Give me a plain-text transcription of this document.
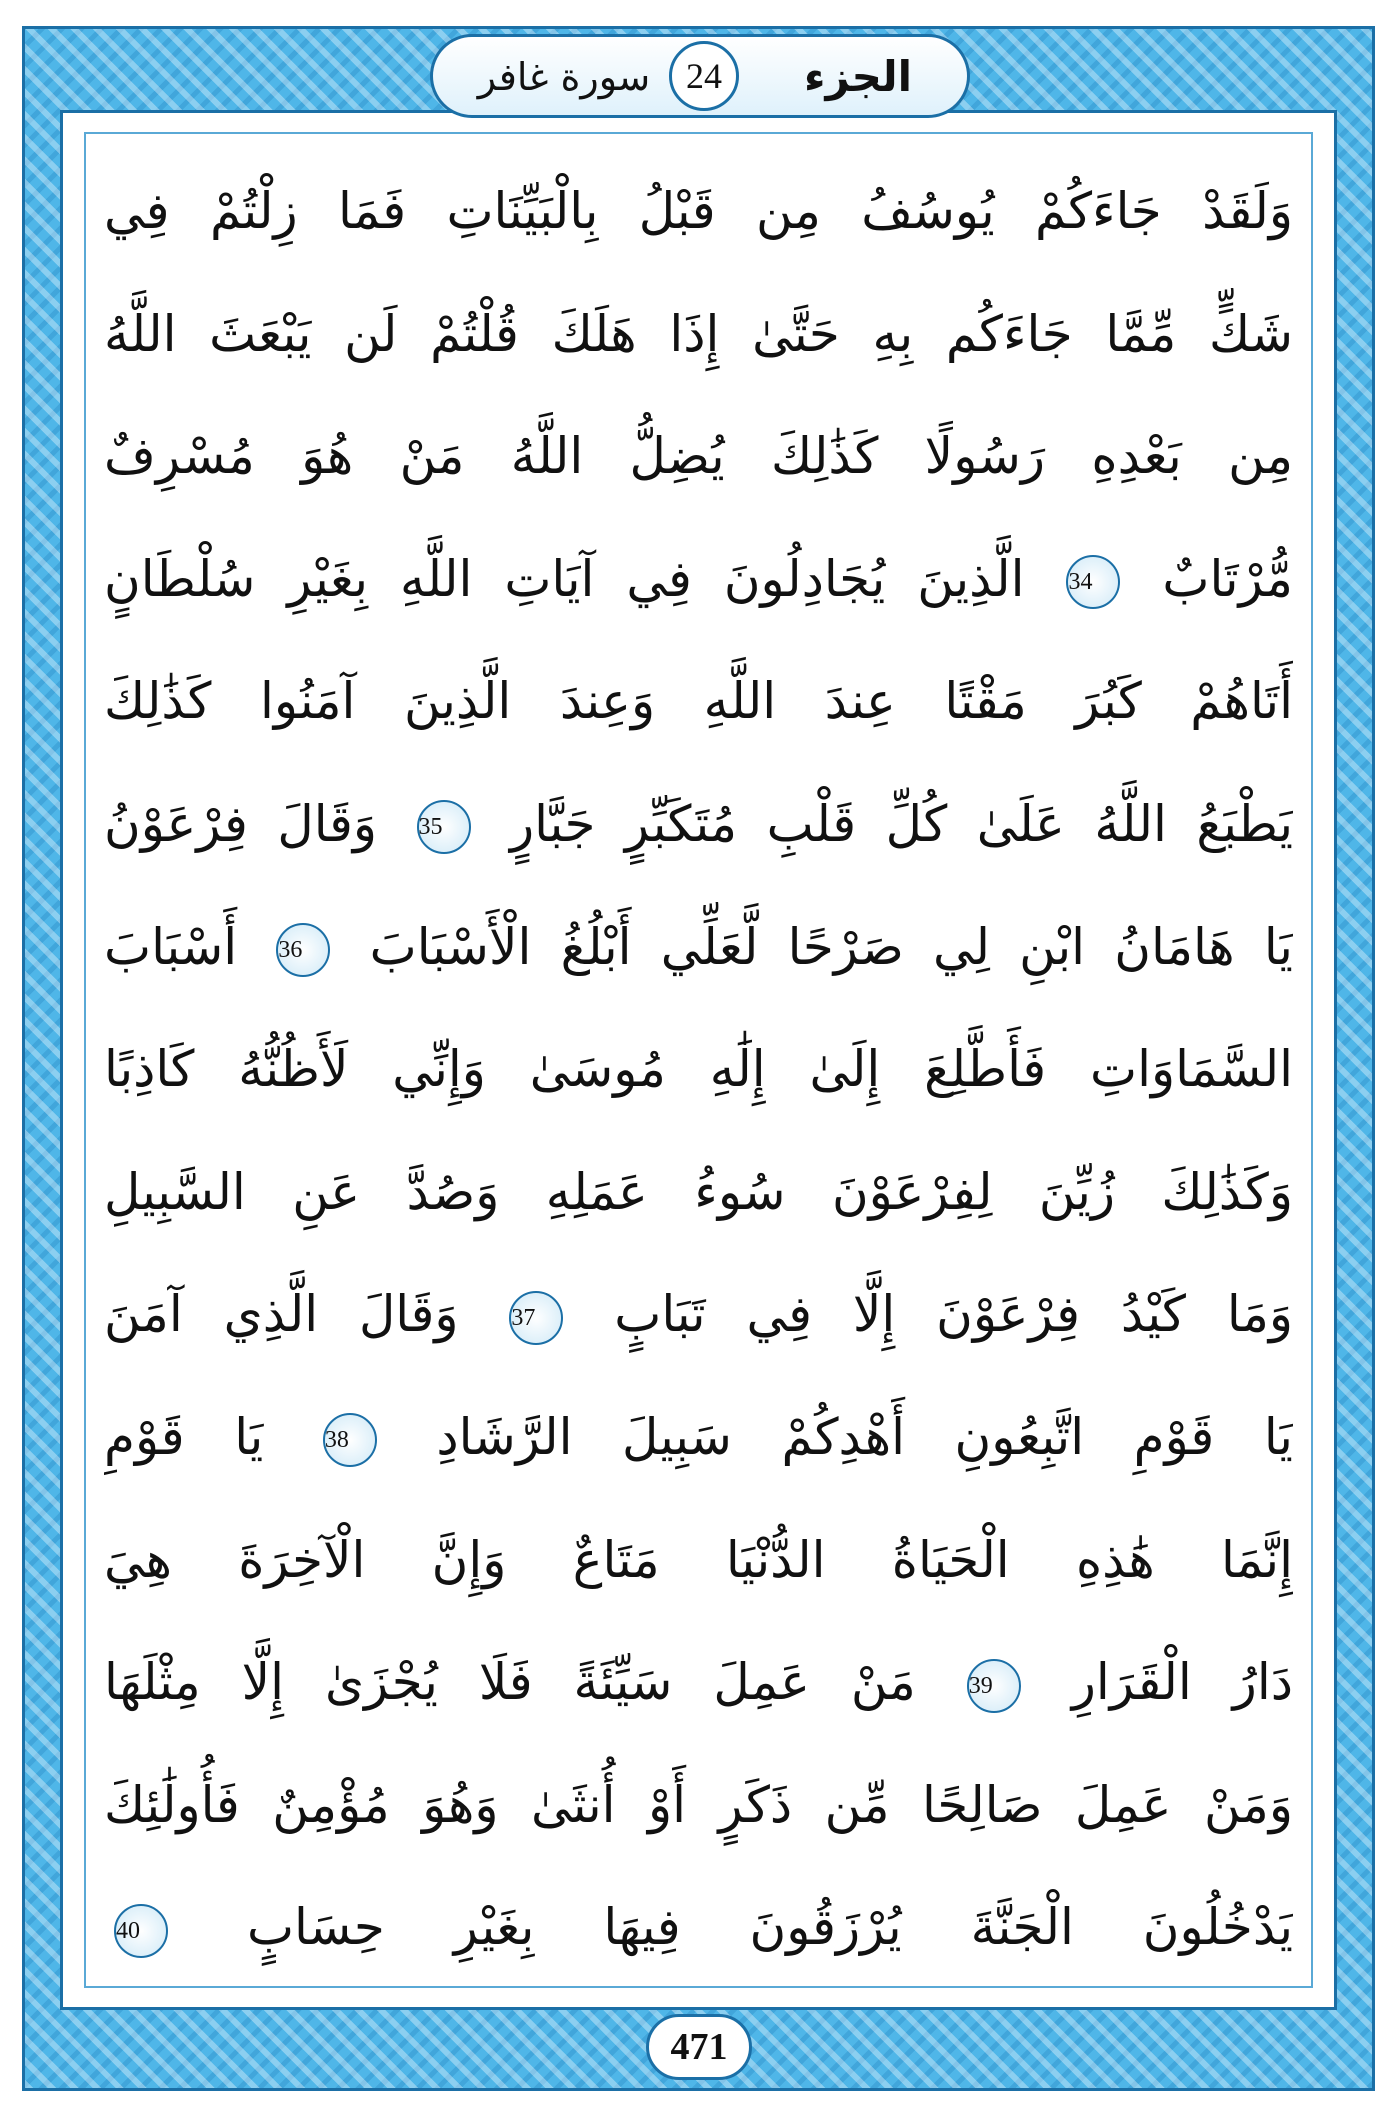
سورة غافر 24	الجزء
وَلَقَدْ جَاءَكُمْ يُوسُفُ مِن قَبْلُ بِالْبَيِّنَاتِ فَمَا زِلْتُمْ فِي
شَكٍّ مِّمَّا جَاءَكُم بِهِ حَتَّىٰ إِذَا هَلَكَ قُلْتُمْ لَن يَبْعَثَ اللَّهُ
مِن بَعْدِهِ رَسُولًا كَذَٰلِكَ يُضِلُّ اللَّهُ مَنْ هُوَ مُسْرِفٌ
مُّرْتَابٌ 34 الَّذِينَ يُجَادِلُونَ فِي آيَاتِ اللَّهِ بِغَيْرِ سُلْطَانٍ
أَتَاهُمْ كَبُرَ مَقْتًا عِندَ اللَّهِ وَعِندَ الَّذِينَ آمَنُوا كَذَٰلِكَ
يَطْبَعُ اللَّهُ عَلَىٰ كُلِّ قَلْبِ مُتَكَبِّرٍ جَبَّارٍ 35 وَقَالَ فِرْعَوْنُ
يَا هَامَانُ ابْنِ لِي صَرْحًا لَّعَلِّي أَبْلُغُ الْأَسْبَابَ 36 أَسْبَابَ
السَّمَاوَاتِ فَأَطَّلِعَ إِلَىٰ إِلَٰهِ مُوسَىٰ وَإِنِّي لَأَظُنُّهُ كَاذِبًا
وَكَذَٰلِكَ زُيِّنَ لِفِرْعَوْنَ سُوءُ عَمَلِهِ وَصُدَّ عَنِ السَّبِيلِ
وَمَا كَيْدُ فِرْعَوْنَ إِلَّا فِي تَبَابٍ 37 وَقَالَ الَّذِي آمَنَ
يَا قَوْمِ اتَّبِعُونِ أَهْدِكُمْ سَبِيلَ الرَّشَادِ 38 يَا قَوْمِ
إِنَّمَا هَٰذِهِ الْحَيَاةُ الدُّنْيَا مَتَاعٌ وَإِنَّ الْآخِرَةَ هِيَ
دَارُ الْقَرَارِ 39 مَنْ عَمِلَ سَيِّئَةً فَلَا يُجْزَىٰ إِلَّا مِثْلَهَا
وَمَنْ عَمِلَ صَالِحًا مِّن ذَكَرٍ أَوْ أُنثَىٰ وَهُوَ مُؤْمِنٌ فَأُولَٰئِكَ
يَدْخُلُونَ الْجَنَّةَ يُرْزَقُونَ فِيهَا بِغَيْرِ حِسَابٍ 40
471
